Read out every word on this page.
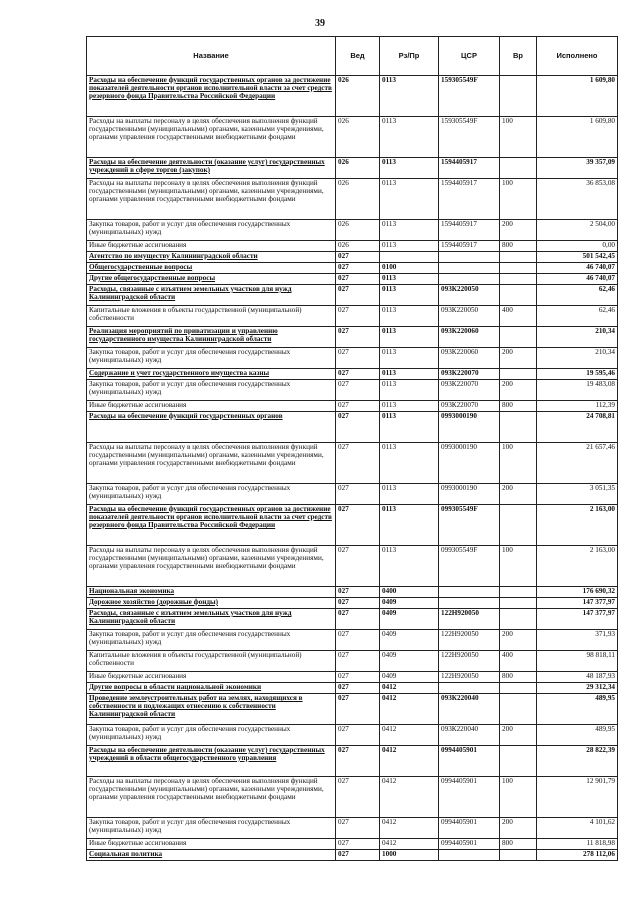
39
Название	Вед	Рз/Пр	ЦСР	Вр	Исполнено
Расходы на обеспечение функций государственных органов за достижение показателей деятельности органов исполнительной власти за счет средств резервного фонда Правительства Российской Федерации	026	0113	159305549F		1 609,80
Расходы на выплаты персоналу в целях обеспечения выполнения функций государственными (муниципальными) органами, казенными учреждениями, органами управления государственными внебюджетными фондами	026	0113	159305549F	100	1 609,80
Расходы на обеспечение деятельности (оказание услуг) государственных учреждений в сфере торгов (закупок)	026	0113	1594405917		39 357,09
Расходы на выплаты персоналу в целях обеспечения выполнения функций государственными (муниципальными) органами, казенными учреждениями, органами управления государственными внебюджетными фондами	026	0113	1594405917	100	36 853,08
Закупка товаров, работ и услуг для обеспечения государственных (муниципальных) нужд	026	0113	1594405917	200	2 504,00
Иные бюджетные ассигнования	026	0113	1594405917	800	0,00
Агентство по имуществу Калининградской области	027				501 542,45
Общегосударственные вопросы	027	0100			46 740,07
Другие общегосударственные вопросы	027	0113			46 740,07
Расходы, связанные с изъятием земельных участков для нужд Калининградской области	027	0113	093К220050		62,46
Капитальные вложения в объекты государственной (муниципальной) собственности	027	0113	093К220050	400	62,46
Реализация мероприятий по приватизации и управлению государственного имущества Калининградской области	027	0113	093К220060		210,34
Закупка товаров, работ и услуг для обеспечения государственных (муниципальных) нужд	027	0113	093К220060	200	210,34
Содержание и учет государственного имущества казны	027	0113	093К220070		19 595,46
Закупка товаров, работ и услуг для обеспечения государственных (муниципальных) нужд	027	0113	093К220070	200	19 483,08
Иные бюджетные ассигнования	027	0113	093К220070	800	112,39
Расходы на обеспечение функций государственных органов	027	0113	0993000190		24 708,81
Расходы на выплаты персоналу в целях обеспечения выполнения функций государственными (муниципальными) органами, казенными учреждениями, органами управления государственными внебюджетными фондами	027	0113	0993000190	100	21 657,46
Закупка товаров, работ и услуг для обеспечения государственных (муниципальных) нужд	027	0113	0993000190	200	3 051,35
Расходы на обеспечение функций государственных органов за достижение показателей деятельности органов исполнительной власти за счет средств резервного фонда Правительства Российской Федерации	027	0113	099305549F		2 163,00
Расходы на выплаты персоналу в целях обеспечения выполнения функций государственными (муниципальными) органами, казенными учреждениями, органами управления государственными внебюджетными фондами	027	0113	099305549F	100	2 163,00
Национальная экономика	027	0400			176 690,32
Дорожное хозяйство (дорожные фонды)	027	0409			147 377,97
Расходы, связанные с изъятием земельных участков для нужд Калининградской области	027	0409	122Н920050		147 377,97
Закупка товаров, работ и услуг для обеспечения государственных (муниципальных) нужд	027	0409	122Н920050	200	371,93
Капитальные вложения в объекты государственной (муниципальной) собственности	027	0409	122Н920050	400	98 818,11
Иные бюджетные ассигнования	027	0409	122Н920050	800	48 187,93
Другие вопросы в области национальной экономики	027	0412			29 312,34
Проведение землеустроительных работ на землях, находящихся в собственности и подлежащих отнесению к собственности Калининградской области	027	0412	093К220040		489,95
Закупка товаров, работ и услуг для обеспечения государственных (муниципальных) нужд	027	0412	093К220040	200	489,95
Расходы на обеспечение деятельности (оказание услуг) государственных учреждений в области общегосударственного управления	027	0412	0994405901		28 822,39
Расходы на выплаты персоналу в целях обеспечения выполнения функций государственными (муниципальными) органами, казенными учреждениями, органами управления государственными внебюджетными фондами	027	0412	0994405901	100	12 901,79
Закупка товаров, работ и услуг для обеспечения государственных (муниципальных) нужд	027	0412	0994405901	200	4 101,62
Иные бюджетные ассигнования	027	0412	0994405901	800	11 818,98
Социальная политика	027	1000			278 112,06
